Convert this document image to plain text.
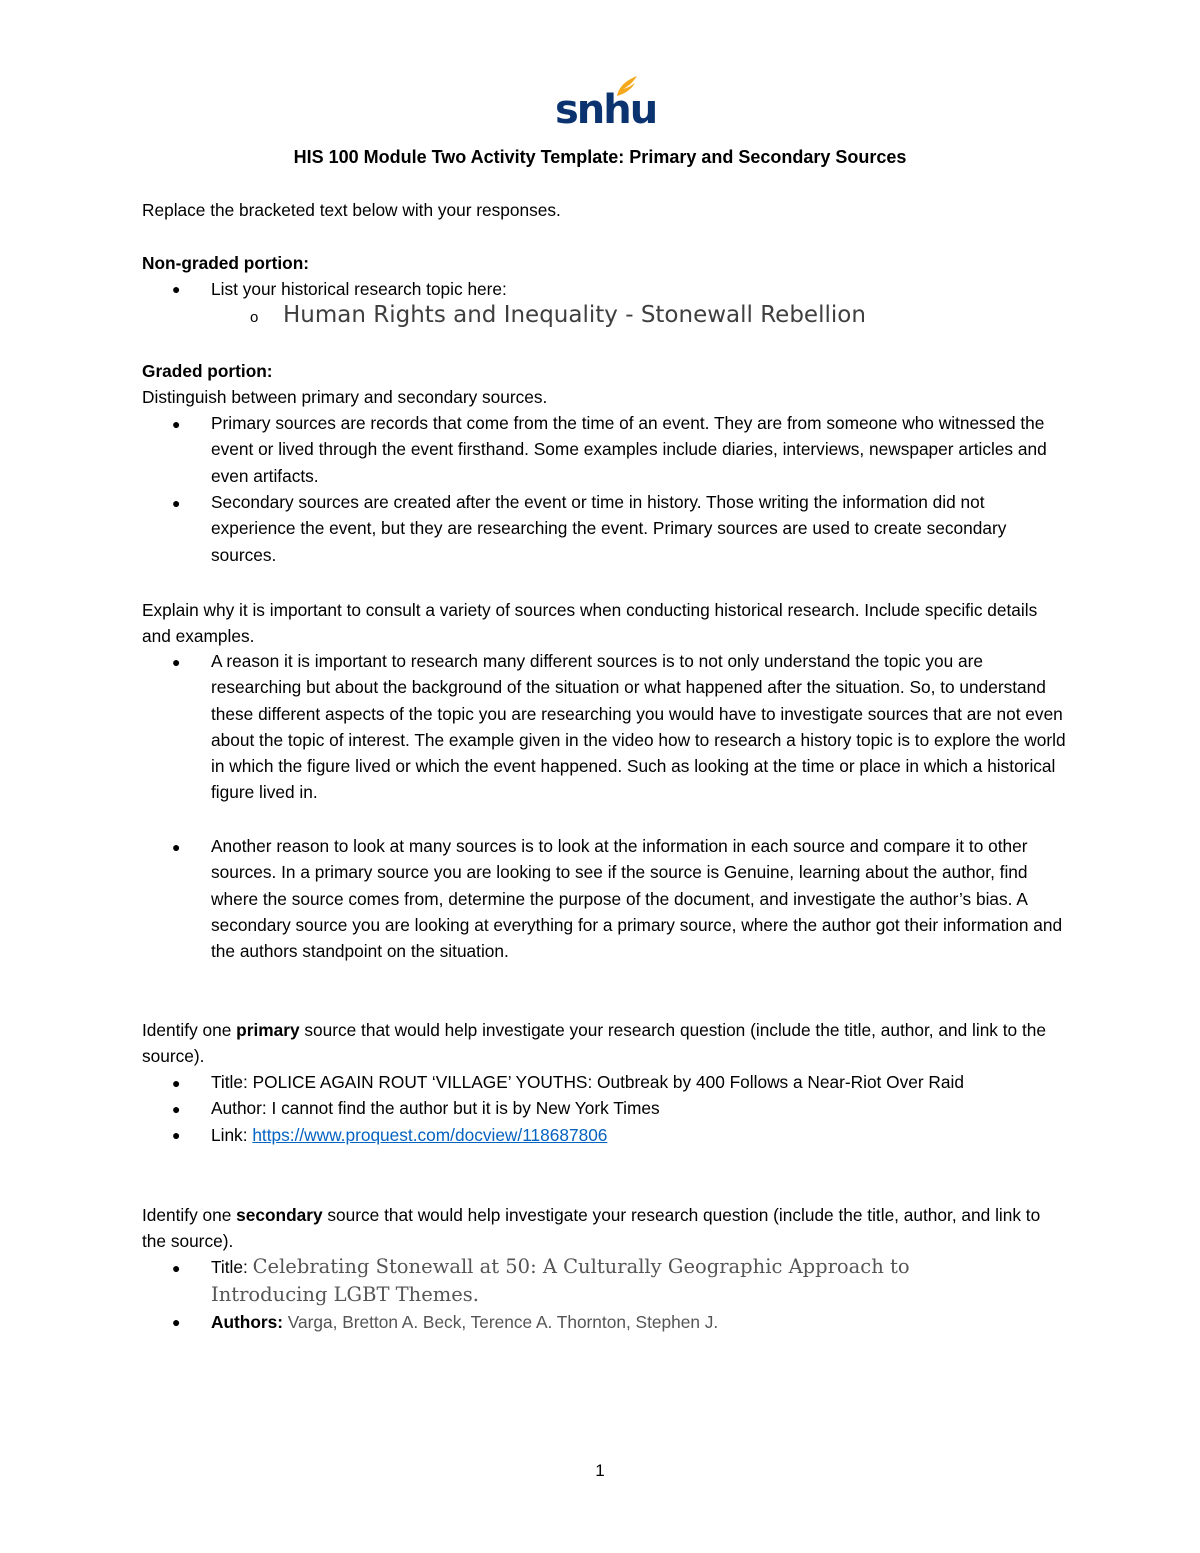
snhu
HIS 100 Module Two Activity Template: Primary and Secondary Sources
Replace the bracketed text below with your responses.
Non-graded portion:
● List your historical research topic here:
o Human Rights and Inequality - Stonewall Rebellion
Graded portion:
Distinguish between primary and secondary sources.
● Primary sources are records that come from the time of an event. They are from someone who witnessed the event or lived through the event firsthand. Some examples include diaries, interviews, newspaper articles and even artifacts.
● Secondary sources are created after the event or time in history. Those writing the information did not experience the event, but they are researching the event. Primary sources are used to create secondary sources.
Explain why it is important to consult a variety of sources when conducting historical research. Include specific details and examples.
● A reason it is important to research many different sources is to not only understand the topic you are researching but about the background of the situation or what happened after the situation. So, to understand these different aspects of the topic you are researching you would have to investigate sources that are not even about the topic of interest. The example given in the video how to research a history topic is to explore the world in which the figure lived or which the event happened. Such as looking at the time or place in which a historical figure lived in.
● Another reason to look at many sources is to look at the information in each source and compare it to other sources. In a primary source you are looking to see if the source is Genuine, learning about the author, find where the source comes from, determine the purpose of the document, and investigate the author’s bias. A secondary source you are looking at everything for a primary source, where the author got their information and the authors standpoint on the situation.
Identify one primary source that would help investigate your research question (include the title, author, and link to the source).
● Title: POLICE AGAIN ROUT ‘VILLAGE’ YOUTHS: Outbreak by 400 Follows a Near-Riot Over Raid
● Author: I cannot find the author but it is by New York Times
● Link: https://www.proquest.com/docview/118687806
Identify one secondary source that would help investigate your research question (include the title, author, and link to the source).
● Title: Celebrating Stonewall at 50: A Culturally Geographic Approach to Introducing LGBT Themes.
● Authors: Varga, Bretton A. Beck, Terence A. Thornton, Stephen J.
1
